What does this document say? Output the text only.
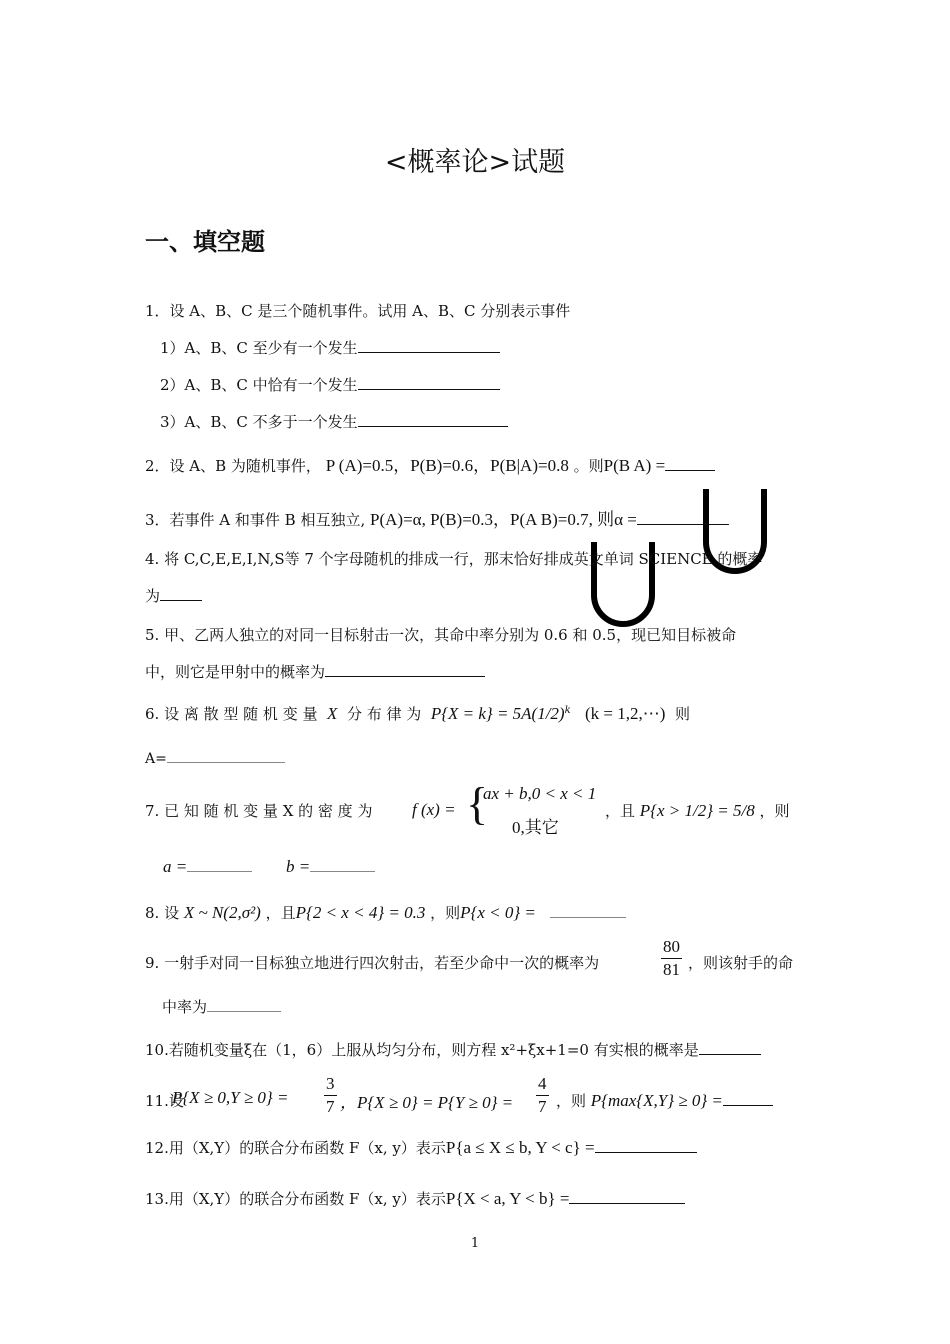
<概率论>试题
一、填空题
1．设 A、B、C 是三个随机事件。试用 A、B、C 分别表示事件
1）A、B、C 至少有一个发生
2）A、B、C 中恰有一个发生
3）A、B、C 不多于一个发生
2．设 A、B 为随机事件， P (A)=0.5，P(B)=0.6，P(B|A)=0.8 。则P(B A) =
3．若事件 A 和事件 B 相互独立, P(A)=α, P(B)=0.3，P(A B)=0.7, 则α =
4. 将 C,C,E,E,I,N,S等 7 个字母随机的排成一行，那末恰好排成英文单词 SCIENCE 的概率
为
5. 甲、乙两人独立的对同一目标射击一次，其命中率分别为 0.6 和 0.5，现已知目标被命
中，则它是甲射中的概率为
6. 设 离 散 型 随 机 变 量 X 分 布 律 为 $P\{X = k\} = 5A(1/2)^k$ (k = 1,2,⋯) 则
A=
7. 已 知 随 机 变 量 X 的 密 度 为 f (x) = {
ax + b,0 < x < 1
0,其它
，且 P{x > 1/2} = 5/8 ，则
a =	b =
8. 设 X ~ N(2,σ²) ，且P{2 < x < 4} = 0.3 ，则P{x < 0} =
9. 一射手对同一目标独立地进行四次射击，若至少命中一次的概率为	$\frac{80}{81}$ ，则该射手的命
中率为
10.若随机变量ξ在（1，6）上服从均匀分布，则方程 x²+ξx+1=0 有实根的概率是
11.设
$P\{X \ge 0,Y \ge 0\} = \frac{3}{7}$ ，$P\{X \ge 0\} = P\{Y \ge 0\} = \frac{4}{7}$ ，则 P{max{X,Y} ≥ 0} =
12.用（X,Y）的联合分布函数 F（x, y）表示P{a ≤ X ≤ b, Y < c} =
13.用（X,Y）的联合分布函数 F（x, y）表示P{X < a, Y < b} =
1
